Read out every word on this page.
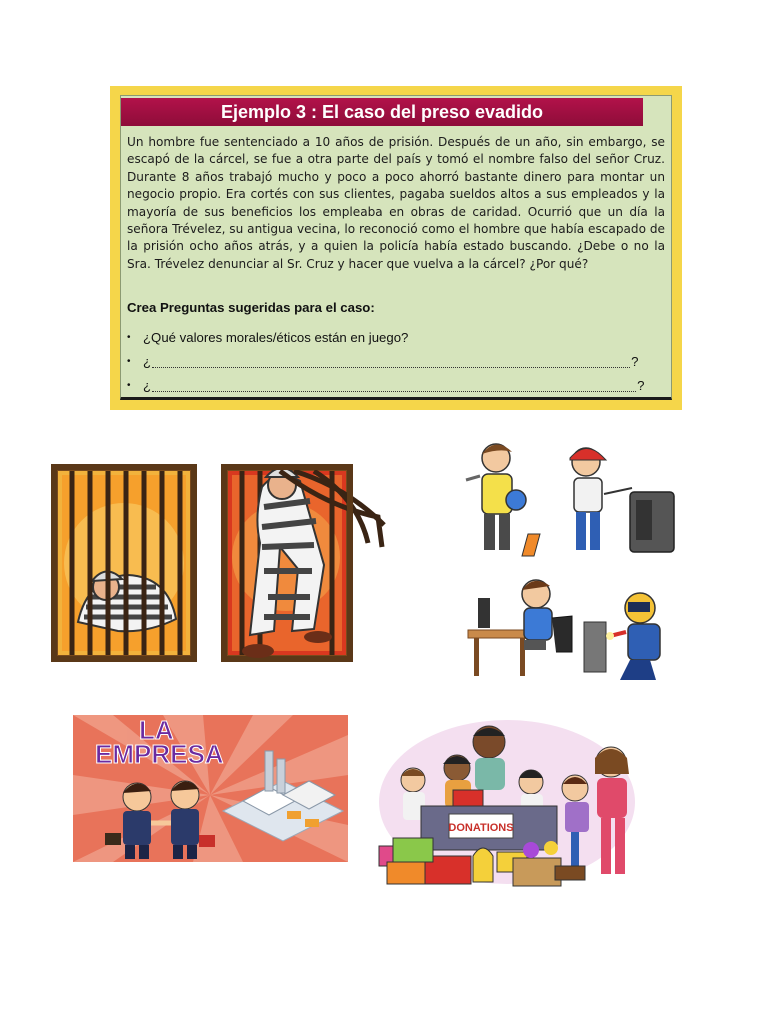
Ejemplo 3 : El caso del preso evadido

Un hombre fue sentenciado a 10 años de prisión. Después de un año, sin embargo, se escapó de la cárcel, se fue a otra parte del país y tomó el nombre falso del señor Cruz. Durante 8 años trabajó mucho y poco a poco ahorró bastante dinero para montar un negocio propio. Era cortés con sus clientes, pagaba sueldos altos a sus empleados y la mayoría de sus beneficios los empleaba en obras de caridad. Ocurrió que un día la señora Trévelez, su antigua vecina, lo reconoció como el hombre que había escapado de la prisión ocho años atrás, y a quien la policía había estado buscando. ¿Debe o no la Sra. Trévelez denunciar al Sr. Cruz y hacer que vuelva a la cárcel? ¿Por qué?

Crea Preguntas sugeridas para el caso:
• ¿Qué valores morales/éticos están en juego?
• ¿	?
• ¿	?
LA
EMPRESA
DONATIONS
